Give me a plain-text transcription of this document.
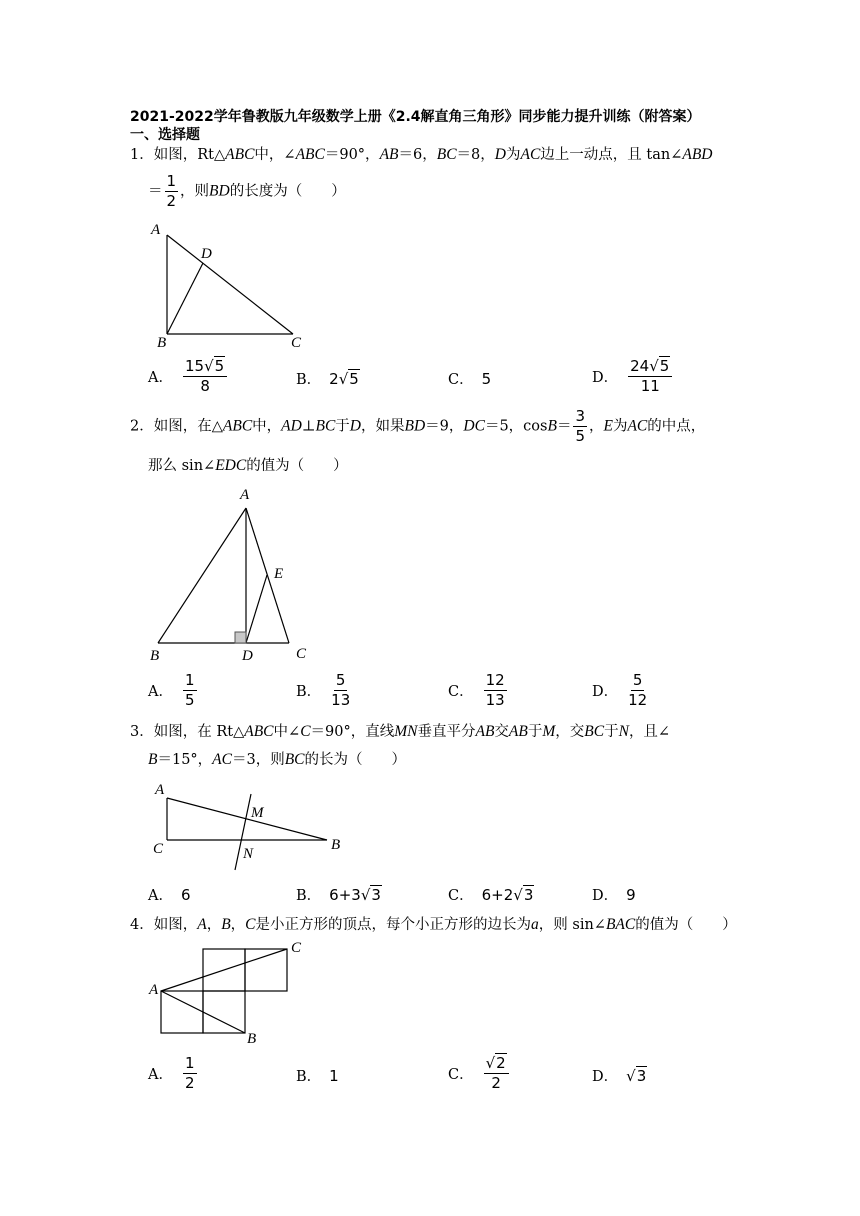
2021-2022学年鲁教版九年级数学上册《2.4解直角三角形》同步能力提升训练（附答案）
一、选择题
1．如图，Rt△ABC中，∠ABC＝90°，AB＝6，BC＝8，D为AC边上一动点，且 tan∠ABD
＝ $\frac{1}{2}$ ，则BD的长度为（　　）
A
D
B	C
A． $\frac{15√5}{8}$	B． 2 √5	C． 5	D． $\frac{24√5}{11}$
2．如图，在△ABC中，AD⊥BC于D，如果BD＝9，DC＝5，$\cos B= \frac{3}{5}$ ，E为AC的中点，
那么 sin∠EDC的值为（　　）
A
E
B	D	C
A． $\frac{1}{5}$	B． $\frac{5}{13}$	C． $\frac{12}{13}$	D． $\frac{5}{12}$
3．如图，在 Rt△ABC中∠C＝90°，直线MN垂直平分AB交AB于M，交BC于N，且∠
B＝15°，AC＝3，则BC的长为（　　）
A
C
M
N
B
A． 6	B． 6+3 √3	C． 6+2 √3	D． 9
4．如图，A，B，C是小正方形的顶点，每个小正方形的边长为a，则 sin∠BAC的值为（　　）
A
C
B
A． $\frac{1}{2}$	B． 1	C． $\frac{√2}{2}$	D． √3
